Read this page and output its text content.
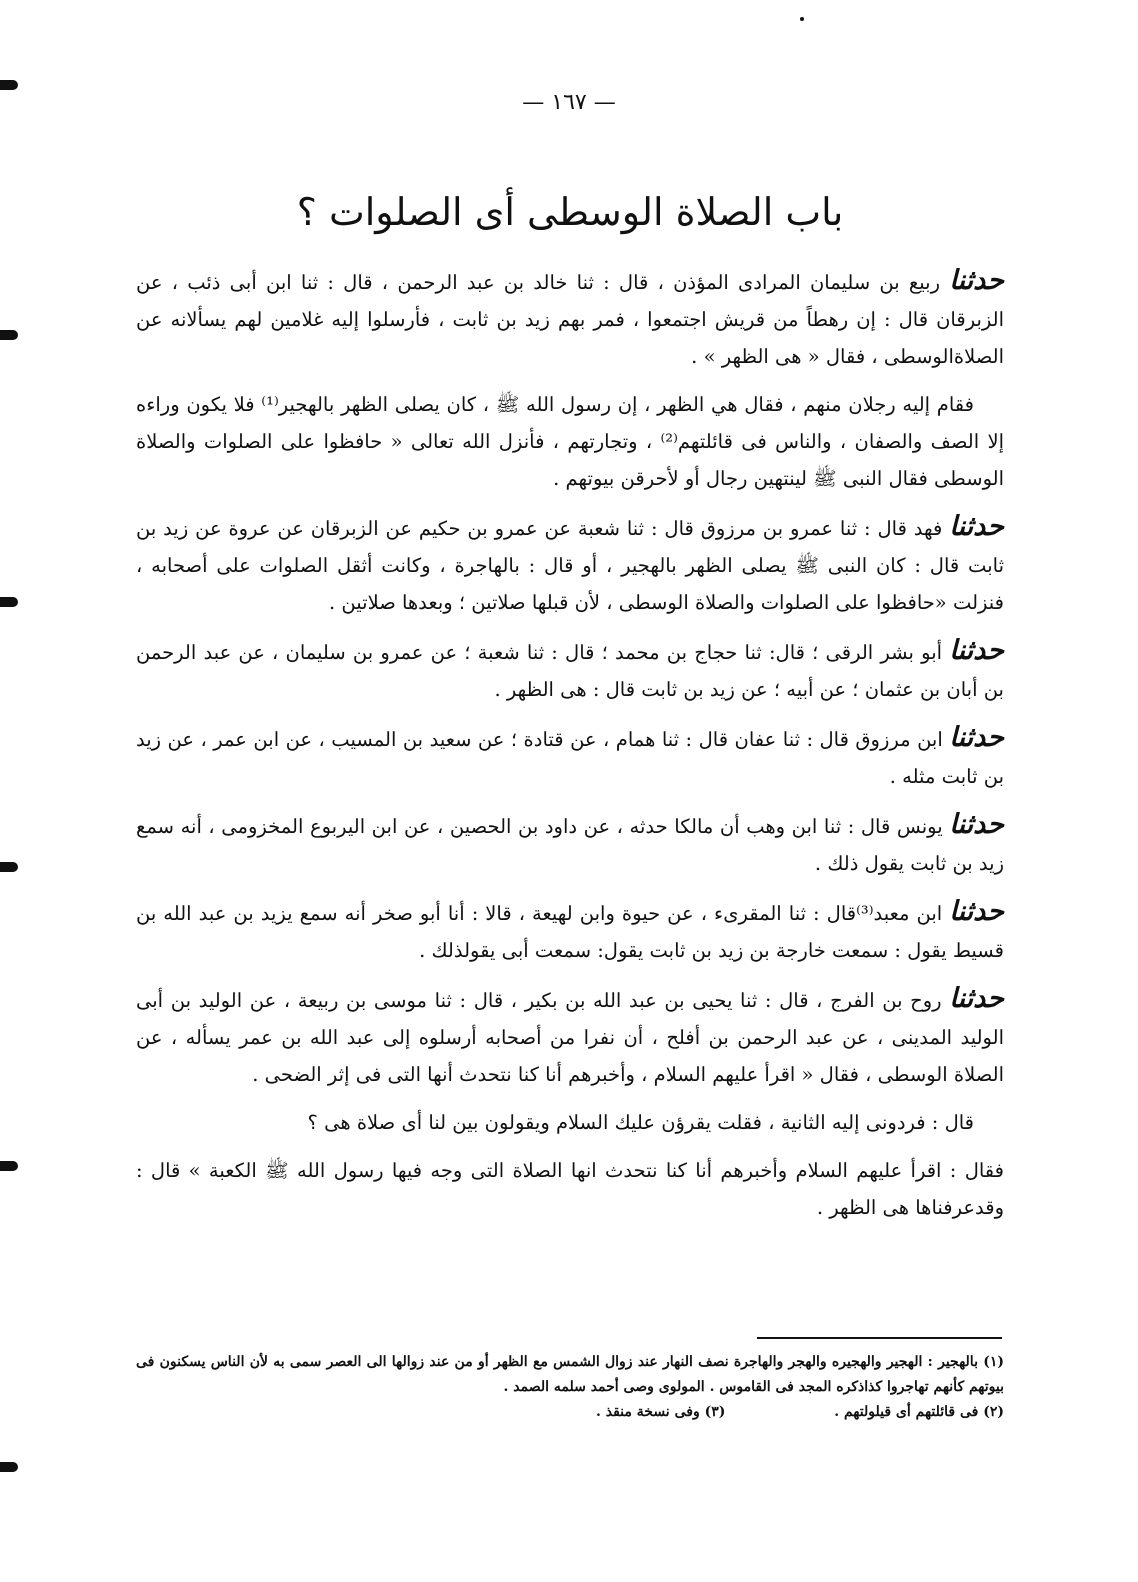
— ١٦٧ —
باب الصلاة الوسطى أى الصلوات ؟

حدثنا ربيع بن سليمان المرادى المؤذن ، قال : ثنا خالد بن عبد الرحمن ، قال : ثنا ابن أبى ذئب ، عن الزبرقان قال : إن رهطاً من قريش اجتمعوا ، فمر بهم زيد بن ثابت ، فأرسلوا إليه غلامين لهم يسألانه عن الصلاةالوسطى ، فقال « هى الظهر » .

فقام إليه رجلان منهم ، فقال هي الظهر ، إن رسول الله ﷺ ، كان يصلى الظهر بالهجير⁽¹⁾ فلا يكون وراءه إلا الصف والصفان ، والناس فى قائلتهم⁽²⁾ ، وتجارتهم ، فأنزل الله تعالى « حافظوا على الصلوات والصلاة الوسطى فقال النبى ﷺ لينتهين رجال أو لأحرقن بيوتهم .

حدثنا فهد قال : ثنا عمرو بن مرزوق قال : ثنا شعبة عن عمرو بن حكيم عن الزبرقان عن عروة عن زيد بن ثابت قال : كان النبى ﷺ يصلى الظهر بالهجير ، أو قال : بالهاجرة ، وكانت أثقل الصلوات على أصحابه ، فنزلت «حافظوا على الصلوات والصلاة الوسطى ، لأن قبلها صلاتين ؛ وبعدها صلاتين .

حدثنا أبو بشر الرقى ؛ قال: ثنا حجاج بن محمد ؛ قال : ثنا شعبة ؛ عن عمرو بن سليمان ، عن عبد الرحمن بن أبان بن عثمان ؛ عن أبيه ؛ عن زيد بن ثابت قال : هى الظهر .

حدثنا ابن مرزوق قال : ثنا عفان قال : ثنا همام ، عن قتادة ؛ عن سعيد بن المسيب ، عن ابن عمر ، عن زيد بن ثابت مثله .

حدثنا يونس قال : ثنا ابن وهب أن مالكا حدثه ، عن داود بن الحصين ، عن ابن اليربوع المخزومى ، أنه سمع زيد بن ثابت يقول ذلك .

حدثنا ابن معبد⁽³⁾قال : ثنا المقرىء ، عن حيوة وابن لهيعة ، قالا : أنا أبو صخر أنه سمع يزيد بن عبد الله بن قسيط يقول : سمعت خارجة بن زيد بن ثابت يقول: سمعت أبى يقولذلك .

حدثنا روح بن الفرج ، قال : ثنا يحيى بن عبد الله بن بكير ، قال : ثنا موسى بن ربيعة ، عن الوليد بن أبى الوليد المدينى ، عن عبد الرحمن بن أفلح ، أن نفرا من أصحابه أرسلوه إلى عبد الله بن عمر يسأله ، عن الصلاة الوسطى ، فقال « اقرأ عليهم السلام ، وأخبرهم أنا كنا نتحدث أنها التى فى إثر الضحى .

قال : فردونى إليه الثانية ، فقلت يقرؤن عليك السلام ويقولون بين لنا أى صلاة هى ؟

فقال : اقرأ عليهم السلام وأخبرهم أنا كنا نتحدث انها الصلاة التى وجه فيها رسول الله ﷺ الكعبة » قال : وقدعرفناها هى الظهر .

(١) بالهجير : الهجير والهجيره والهجر والهاجرة نصف النهار عند زوال الشمس مع الظهر أو من عند زوالها الى العصر سمى به لأن الناس يسكنون فى بيوتهم كأنهم تهاجروا كذاذكره المجد فى القاموس . المولوى وصى أحمد سلمه الصمد .
(٢) فى قائلتهم أى قيلولتهم .
(٣) وفى نسخة منقذ .
